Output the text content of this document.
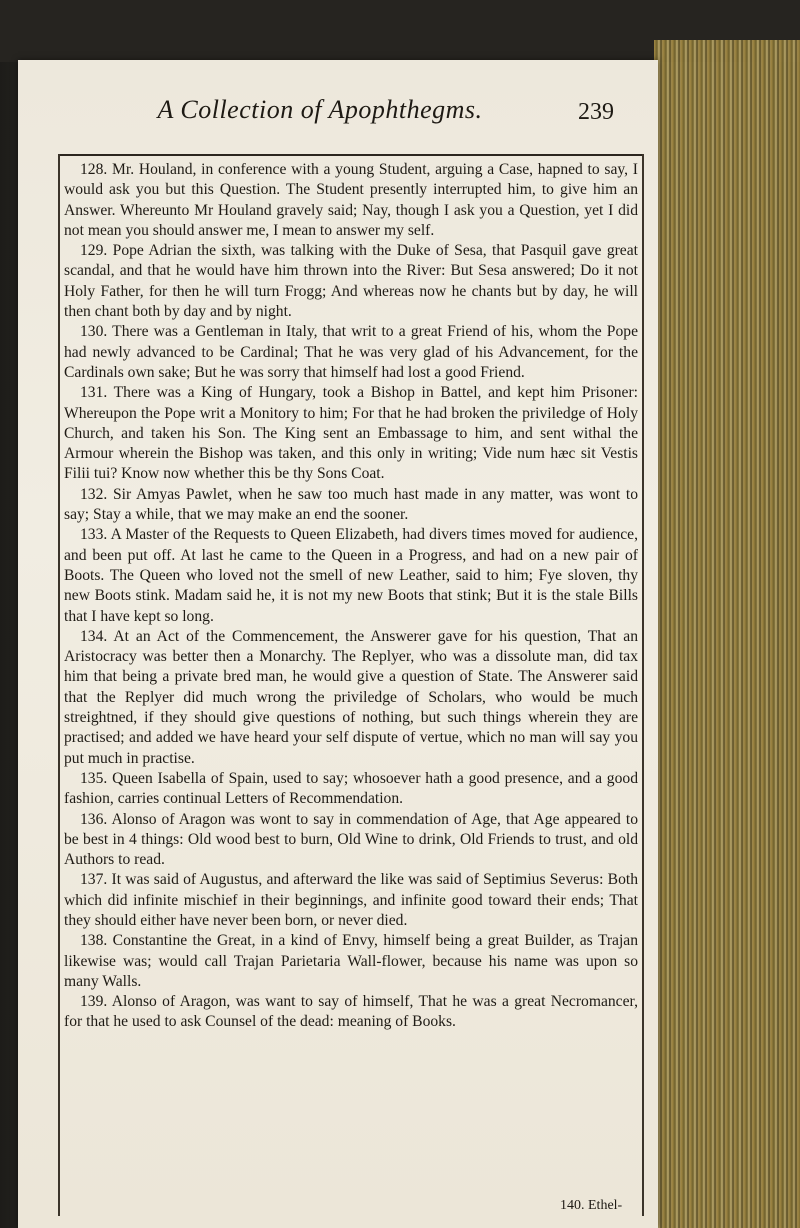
A Collection of Apophthegms.	239

128. Mr. Houland, in conference with a young Student, arguing a Case, hapned to say, I would ask you but this Question. The Student presently interrupted him, to give him an Answer. Whereunto Mr Houland gravely said; Nay, though I ask you a Question, yet I did not mean you should answer me, I mean to answer my self.

129. Pope Adrian the sixth, was talking with the Duke of Sesa, that Pasquil gave great scandal, and that he would have him thrown into the River: But Sesa answered; Do it not Holy Father, for then he will turn Frogg; And whereas now he chants but by day, he will then chant both by day and by night.

130. There was a Gentleman in Italy, that writ to a great Friend of his, whom the Pope had newly advanced to be Cardinal; That he was very glad of his Advancement, for the Cardinals own sake; But he was sorry that himself had lost a good Friend.

131. There was a King of Hungary, took a Bishop in Battel, and kept him Prisoner: Whereupon the Pope writ a Monitory to him; For that he had broken the priviledge of Holy Church, and taken his Son. The King sent an Embassage to him, and sent withal the Armour wherein the Bishop was taken, and this only in writing; Vide num hæc sit Vestis Filii tui? Know now whether this be thy Sons Coat.

132. Sir Amyas Pawlet, when he saw too much hast made in any matter, was wont to say; Stay a while, that we may make an end the sooner.

133. A Master of the Requests to Queen Elizabeth, had divers times moved for audience, and been put off. At last he came to the Queen in a Progress, and had on a new pair of Boots. The Queen who loved not the smell of new Leather, said to him; Fye sloven, thy new Boots stink. Madam said he, it is not my new Boots that stink; But it is the stale Bills that I have kept so long.

134. At an Act of the Commencement, the Answerer gave for his question, That an Aristocracy was better then a Monarchy. The Replyer, who was a dissolute man, did tax him that being a private bred man, he would give a question of State. The Answerer said that the Replyer did much wrong the priviledge of Scholars, who would be much streightned, if they should give questions of nothing, but such things wherein they are practised; and added we have heard your self dispute of vertue, which no man will say you put much in practise.

135. Queen Isabella of Spain, used to say; whosoever hath a good presence, and a good fashion, carries continual Letters of Recommendation.

136. Alonso of Aragon was wont to say in commendation of Age, that Age appeared to be best in 4 things: Old wood best to burn, Old Wine to drink, Old Friends to trust, and old Authors to read.

137. It was said of Augustus, and afterward the like was said of Septimius Severus: Both which did infinite mischief in their beginnings, and infinite good toward their ends; That they should either have never been born, or never died.

138. Constantine the Great, in a kind of Envy, himself being a great Builder, as Trajan likewise was; would call Trajan Parietaria Wall-flower, because his name was upon so many Walls.

139. Alonso of Aragon, was want to say of himself, That he was a great Necromancer, for that he used to ask Counsel of the dead: meaning of Books.

140. Ethel-
